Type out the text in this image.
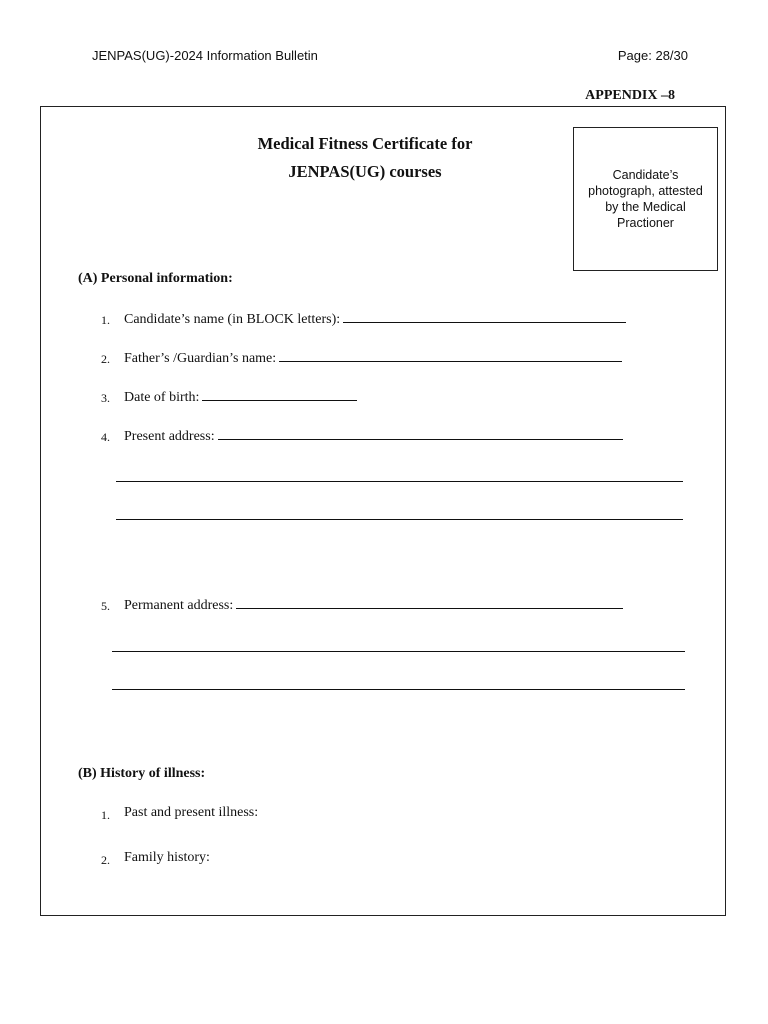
JENPAS(UG)-2024 Information Bulletin	Page: 28/30
APPENDIX –8
Medical Fitness Certificate for
JENPAS(UG) courses	Candidate’s photograph, attested by the Medical Practioner
(A) Personal information:
1. Candidate’s name (in BLOCK letters):
2. Father’s /Guardian’s name:
3. Date of birth:
4. Present address:
5. Permanent address:
(B) History of illness:
1. Past and present illness:
2. Family history:
